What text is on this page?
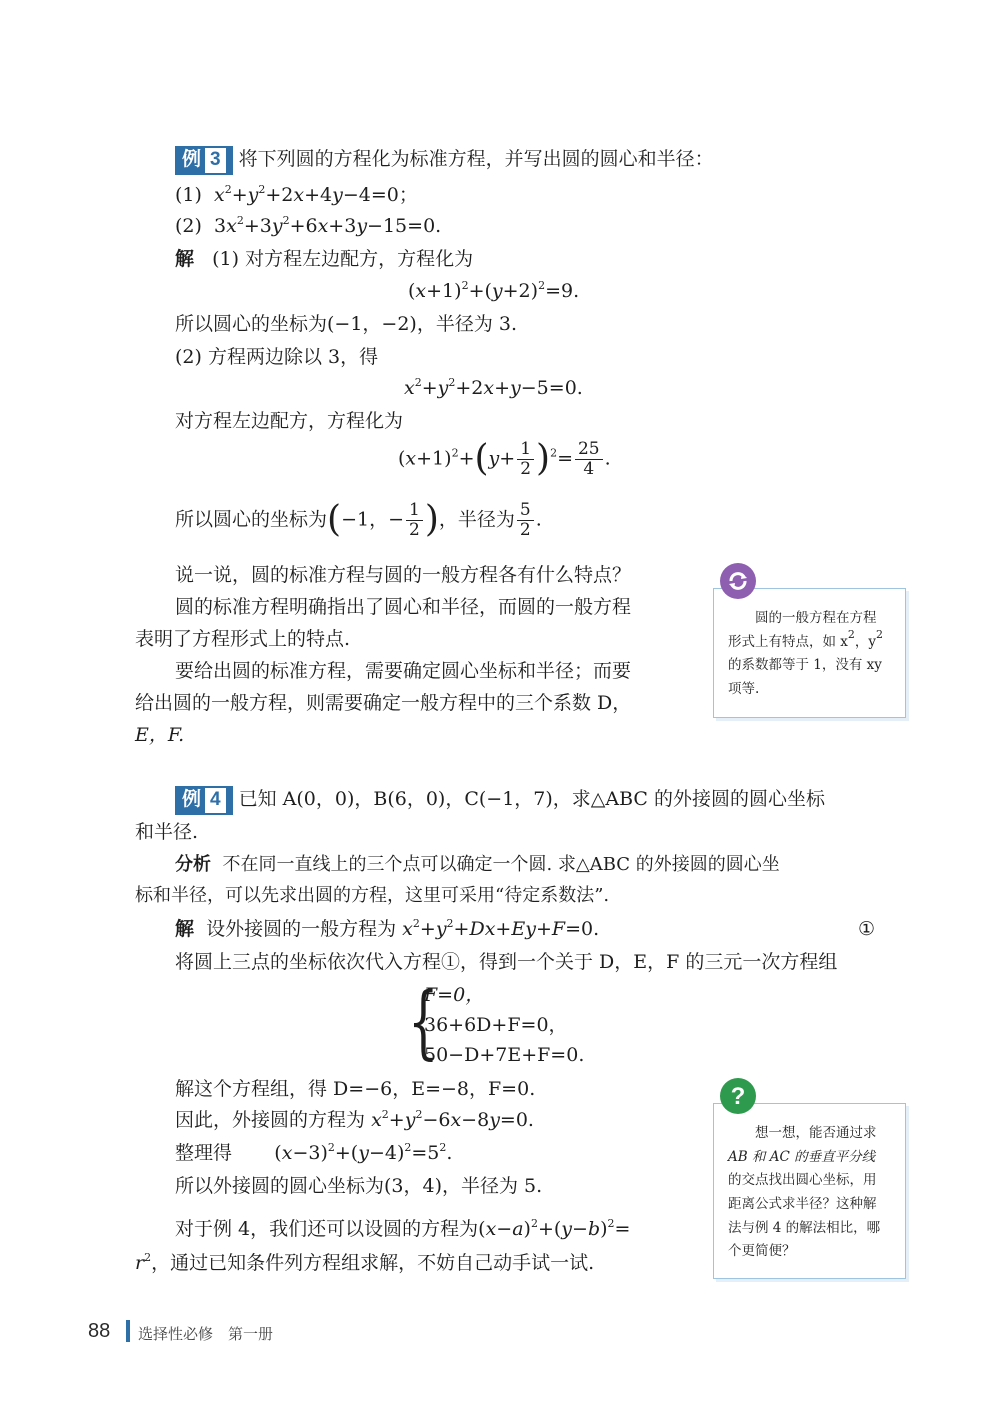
例 3 将下列圆的方程化为标准方程，并写出圆的圆心和半径：
(1) $x^2+y^2+2x+4y-4=0$；
(2)  $3x^2+3y^2+6x+3y-15=0$.
解 (1) 对方程左边配方，方程化为
$(x+1)^2+(y+2)^2=9$.
所以圆心的坐标为(−1，−2)，半径为 3.
(2) 方程两边除以 3，得
$x^2+y^2+2x+y-5=0$.
对方程左边配方，方程化为
$(x+1)^2+(y+ \frac{1}{2} )^2= \frac{25}{4}$ .
所以圆心的坐标为(−1，− $\frac{1}{2}$ )，半径为 $\frac{5}{2}$ .
说一说，圆的标准方程与圆的一般方程各有什么特点？
圆的标准方程明确指出了圆心和半径，而圆的一般方程
表明了方程形式上的特点.
要给出圆的标准方程，需要确定圆心坐标和半径；而要
给出圆的一般方程，则需要确定一般方程中的三个系数 D，
E，F.
圆的一般方程在方程
形式上有特点，如 $x^2$，$y^2$
的系数都等于 1，没有 xy
项等.
例 4 已知 A(0，0)，B(6，0)，C(−1，7)，求△ABC 的外接圆的圆心坐标
和半径.
分析 不在同一直线上的三个点可以确定一个圆. 求△ABC 的外接圆的圆心坐
标和半径，可以先求出圆的方程，这里可采用“待定系数法”.
解 设外接圆的一般方程为 $x^2+y^2+Dx+Ey+F=0$.	①
将圆上三点的坐标依次代入方程①，得到一个关于 D，E，F 的三元一次方程组
{
F=0，
36+6D+F=0，
50−D+7E+F=0.
解这个方程组，得 D=−6，E=−8，F=0.
因此，外接圆的方程为 $x^2+y^2-6x-8y=0$.
整理得       $(x-3)^2+(y-4)^2=5^2$.
所以外接圆的圆心坐标为(3，4)，半径为 5.
对于例 4，我们还可以设圆的方程为$(x-a)^2+(y-b)^2=$
$r^2$，通过已知条件列方程组求解，不妨自己动手试一试.
想一想，能否通过求
AB 和 AC 的垂直平分线
的交点找出圆心坐标，用
距离公式求半径？这种解
法与例 4 的解法相比，哪
个更简便？
?
88 选择性必修　第一册
